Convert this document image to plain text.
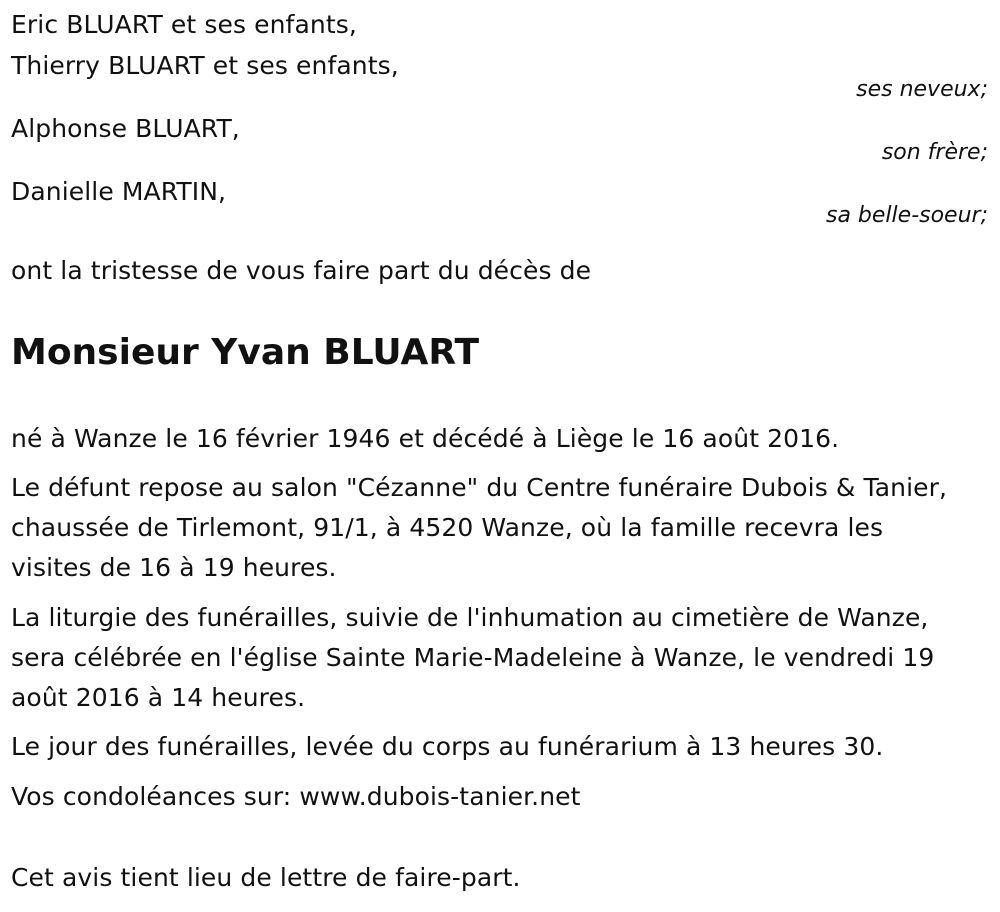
Eric BLUART et ses enfants,
Thierry BLUART et ses enfants,
ses neveux;
Alphonse BLUART,
son frère;
Danielle MARTIN,
sa belle-soeur;
ont la tristesse de vous faire part du décès de
Monsieur Yvan BLUART
né à Wanze le 16 février 1946 et décédé à Liège le 16 août 2016.
Le défunt repose au salon "Cézanne" du Centre funéraire Dubois & Tanier,
chaussée de Tirlemont, 91/1, à 4520 Wanze, où la famille recevra les
visites de 16 à 19 heures.
La liturgie des funérailles, suivie de l'inhumation au cimetière de Wanze,
sera célébrée en l'église Sainte Marie-Madeleine à Wanze, le vendredi 19
août 2016 à 14 heures.
Le jour des funérailles, levée du corps au funérarium à 13 heures 30.
Vos condoléances sur: www.dubois-tanier.net
Cet avis tient lieu de lettre de faire-part.
